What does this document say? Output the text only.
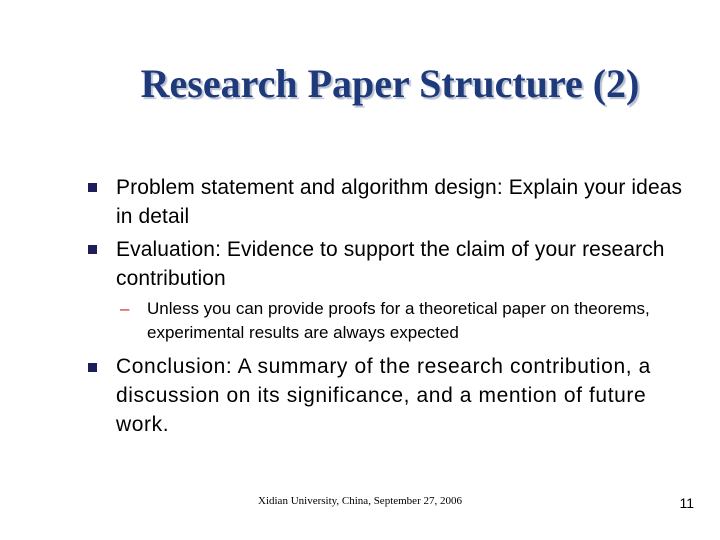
Research Paper Structure (2)
Problem statement and algorithm design: Explain your ideas in detail
Evaluation: Evidence to support the claim of your research contribution
– Unless you can provide proofs for a theoretical paper on theorems, experimental results are always expected
Conclusion: A summary of the research contribution, a discussion on its significance, and a mention of future work.
Xidian University, China, September 27, 2006	11
